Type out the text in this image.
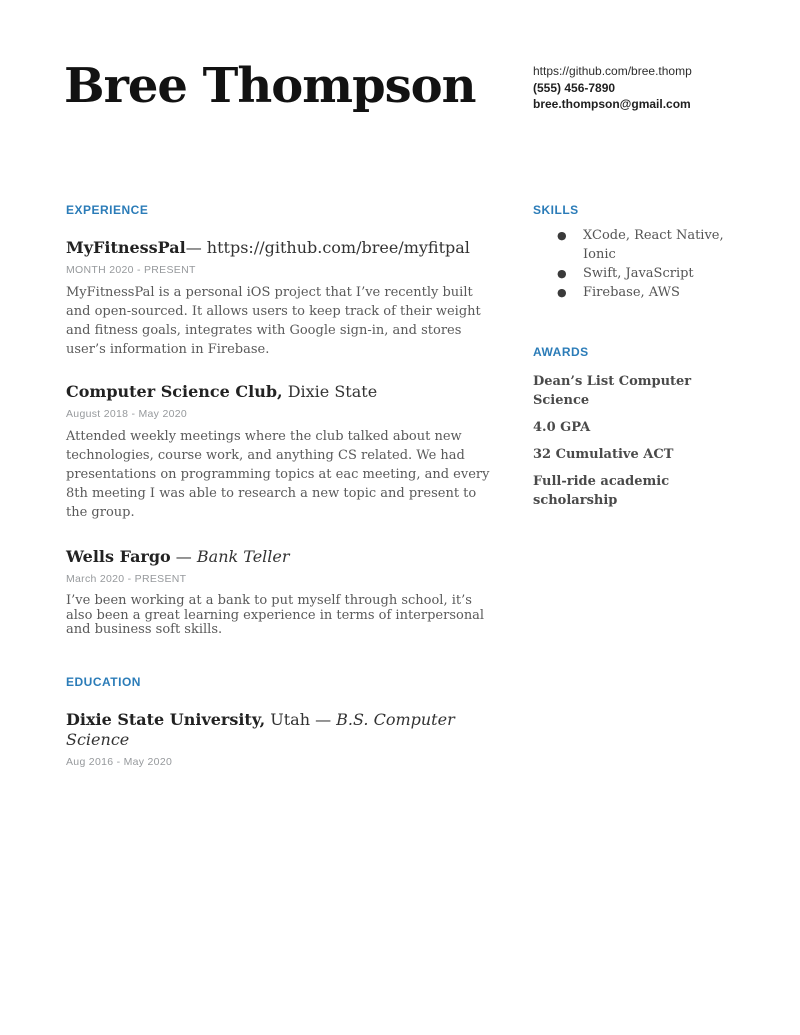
Bree Thompson	https://github.com/bree.thomp
(555) 456-7890
bree.thompson@gmail.com
EXPERIENCE
MyFitnessPal— https://github.com/bree/myfitpal
MONTH 2020 - PRESENT
MyFitnessPal is a personal iOS project that I’ve recently built and open-sourced. It allows users to keep track of their weight and fitness goals, integrates with Google sign-in, and stores user’s information in Firebase.
Computer Science Club, Dixie State
August 2018 - May 2020
Attended weekly meetings where the club talked about new technologies, course work, and anything CS related. We had presentations on programming topics at eac meeting, and every 8th meeting I was able to research a new topic and present to the group.
Wells Fargo — Bank Teller
March 2020 - PRESENT
I’ve been working at a bank to put myself through school, it’s also been a great learning experience in terms of interpersonal and business soft skills.
EDUCATION
Dixie State University, Utah — B.S. Computer Science
Aug 2016 - May 2020
SKILLS
● XCode, React Native, Ionic
● Swift, JavaScript
● Firebase, AWS
AWARDS
Dean’s List Computer Science
4.0 GPA
32 Cumulative ACT
Full-ride academic scholarship
